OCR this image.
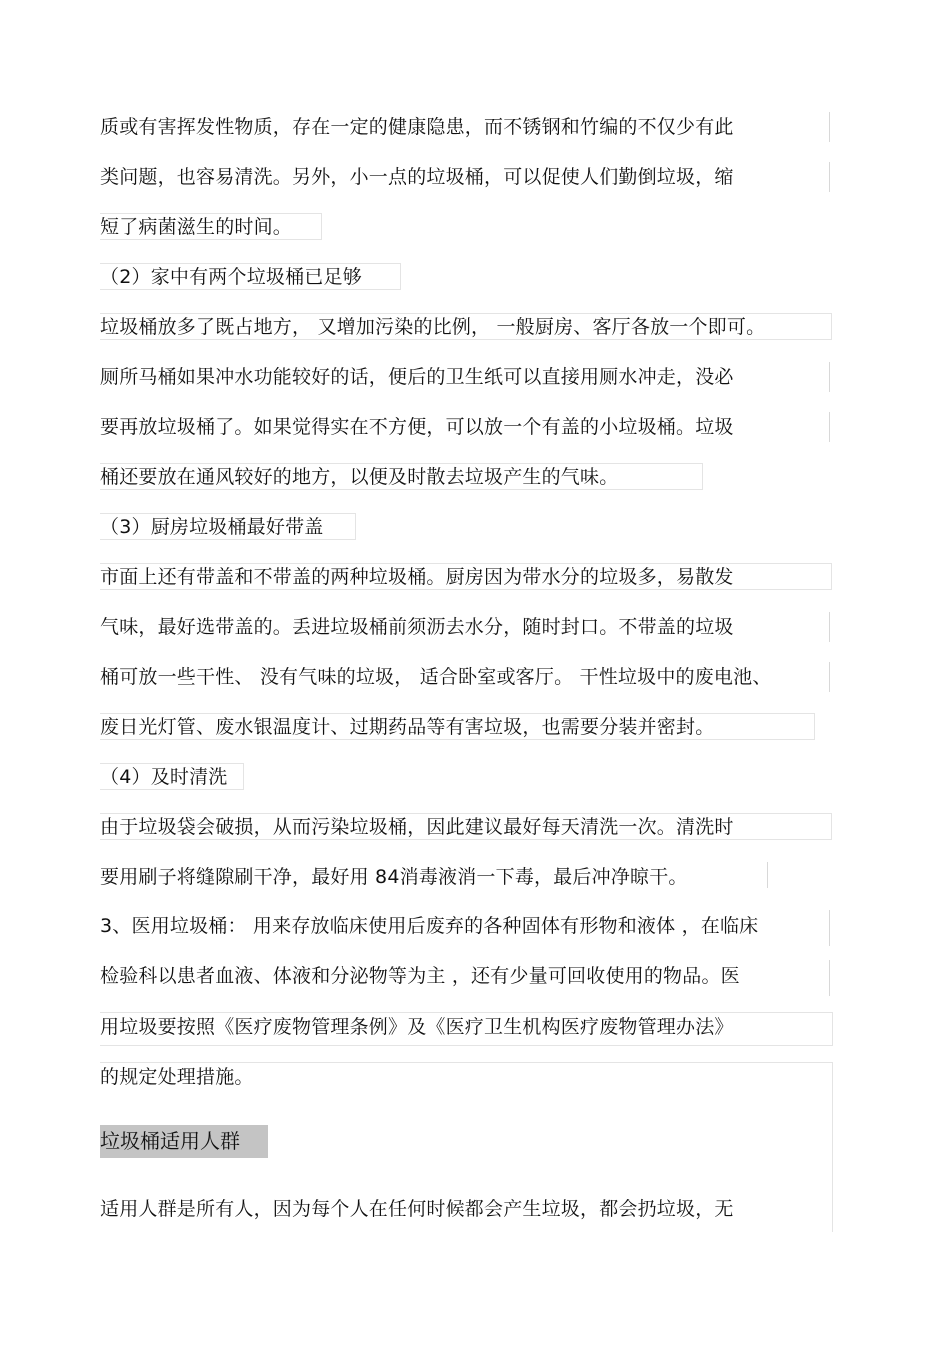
质或有害挥发性物质，存在一定的健康隐患，而不锈钢和竹编的不仅少有此
类问题，也容易清洗。另外，小一点的垃圾桶，可以促使人们勤倒垃圾，缩
短了病菌滋生的时间。
（2）家中有两个垃圾桶已足够
垃圾桶放多了既占地方， 又增加污染的比例， 一般厨房、客厅各放一个即可。
厕所马桶如果冲水功能较好的话，便后的卫生纸可以直接用厕水冲走，没必
要再放垃圾桶了。如果觉得实在不方便，可以放一个有盖的小垃圾桶。垃圾
桶还要放在通风较好的地方，以便及时散去垃圾产生的气味。
（3）厨房垃圾桶最好带盖
市面上还有带盖和不带盖的两种垃圾桶。厨房因为带水分的垃圾多，易散发
气味，最好选带盖的。丢进垃圾桶前须沥去水分，随时封口。不带盖的垃圾
桶可放一些干性、 没有气味的垃圾， 适合卧室或客厅。 干性垃圾中的废电池、
废日光灯管、废水银温度计、过期药品等有害垃圾，也需要分装并密封。
（4）及时清洗
由于垃圾袋会破损，从而污染垃圾桶，因此建议最好每天清洗一次。清洗时
要用刷子将缝隙刷干净，最好用 84消毒液消一下毒，最后冲净晾干。
3、医用垃圾桶： 用来存放临床使用后废弃的各种固体有形物和液体 ，在临床
检验科以患者血液、体液和分泌物等为主 ，还有少量可回收使用的物品。医
用垃圾要按照《医疗废物管理条例》及《医疗卫生机构医疗废物管理办法》
的规定处理措施。
垃圾桶适用人群
适用人群是所有人，因为每个人在任何时候都会产生垃圾，都会扔垃圾，无
